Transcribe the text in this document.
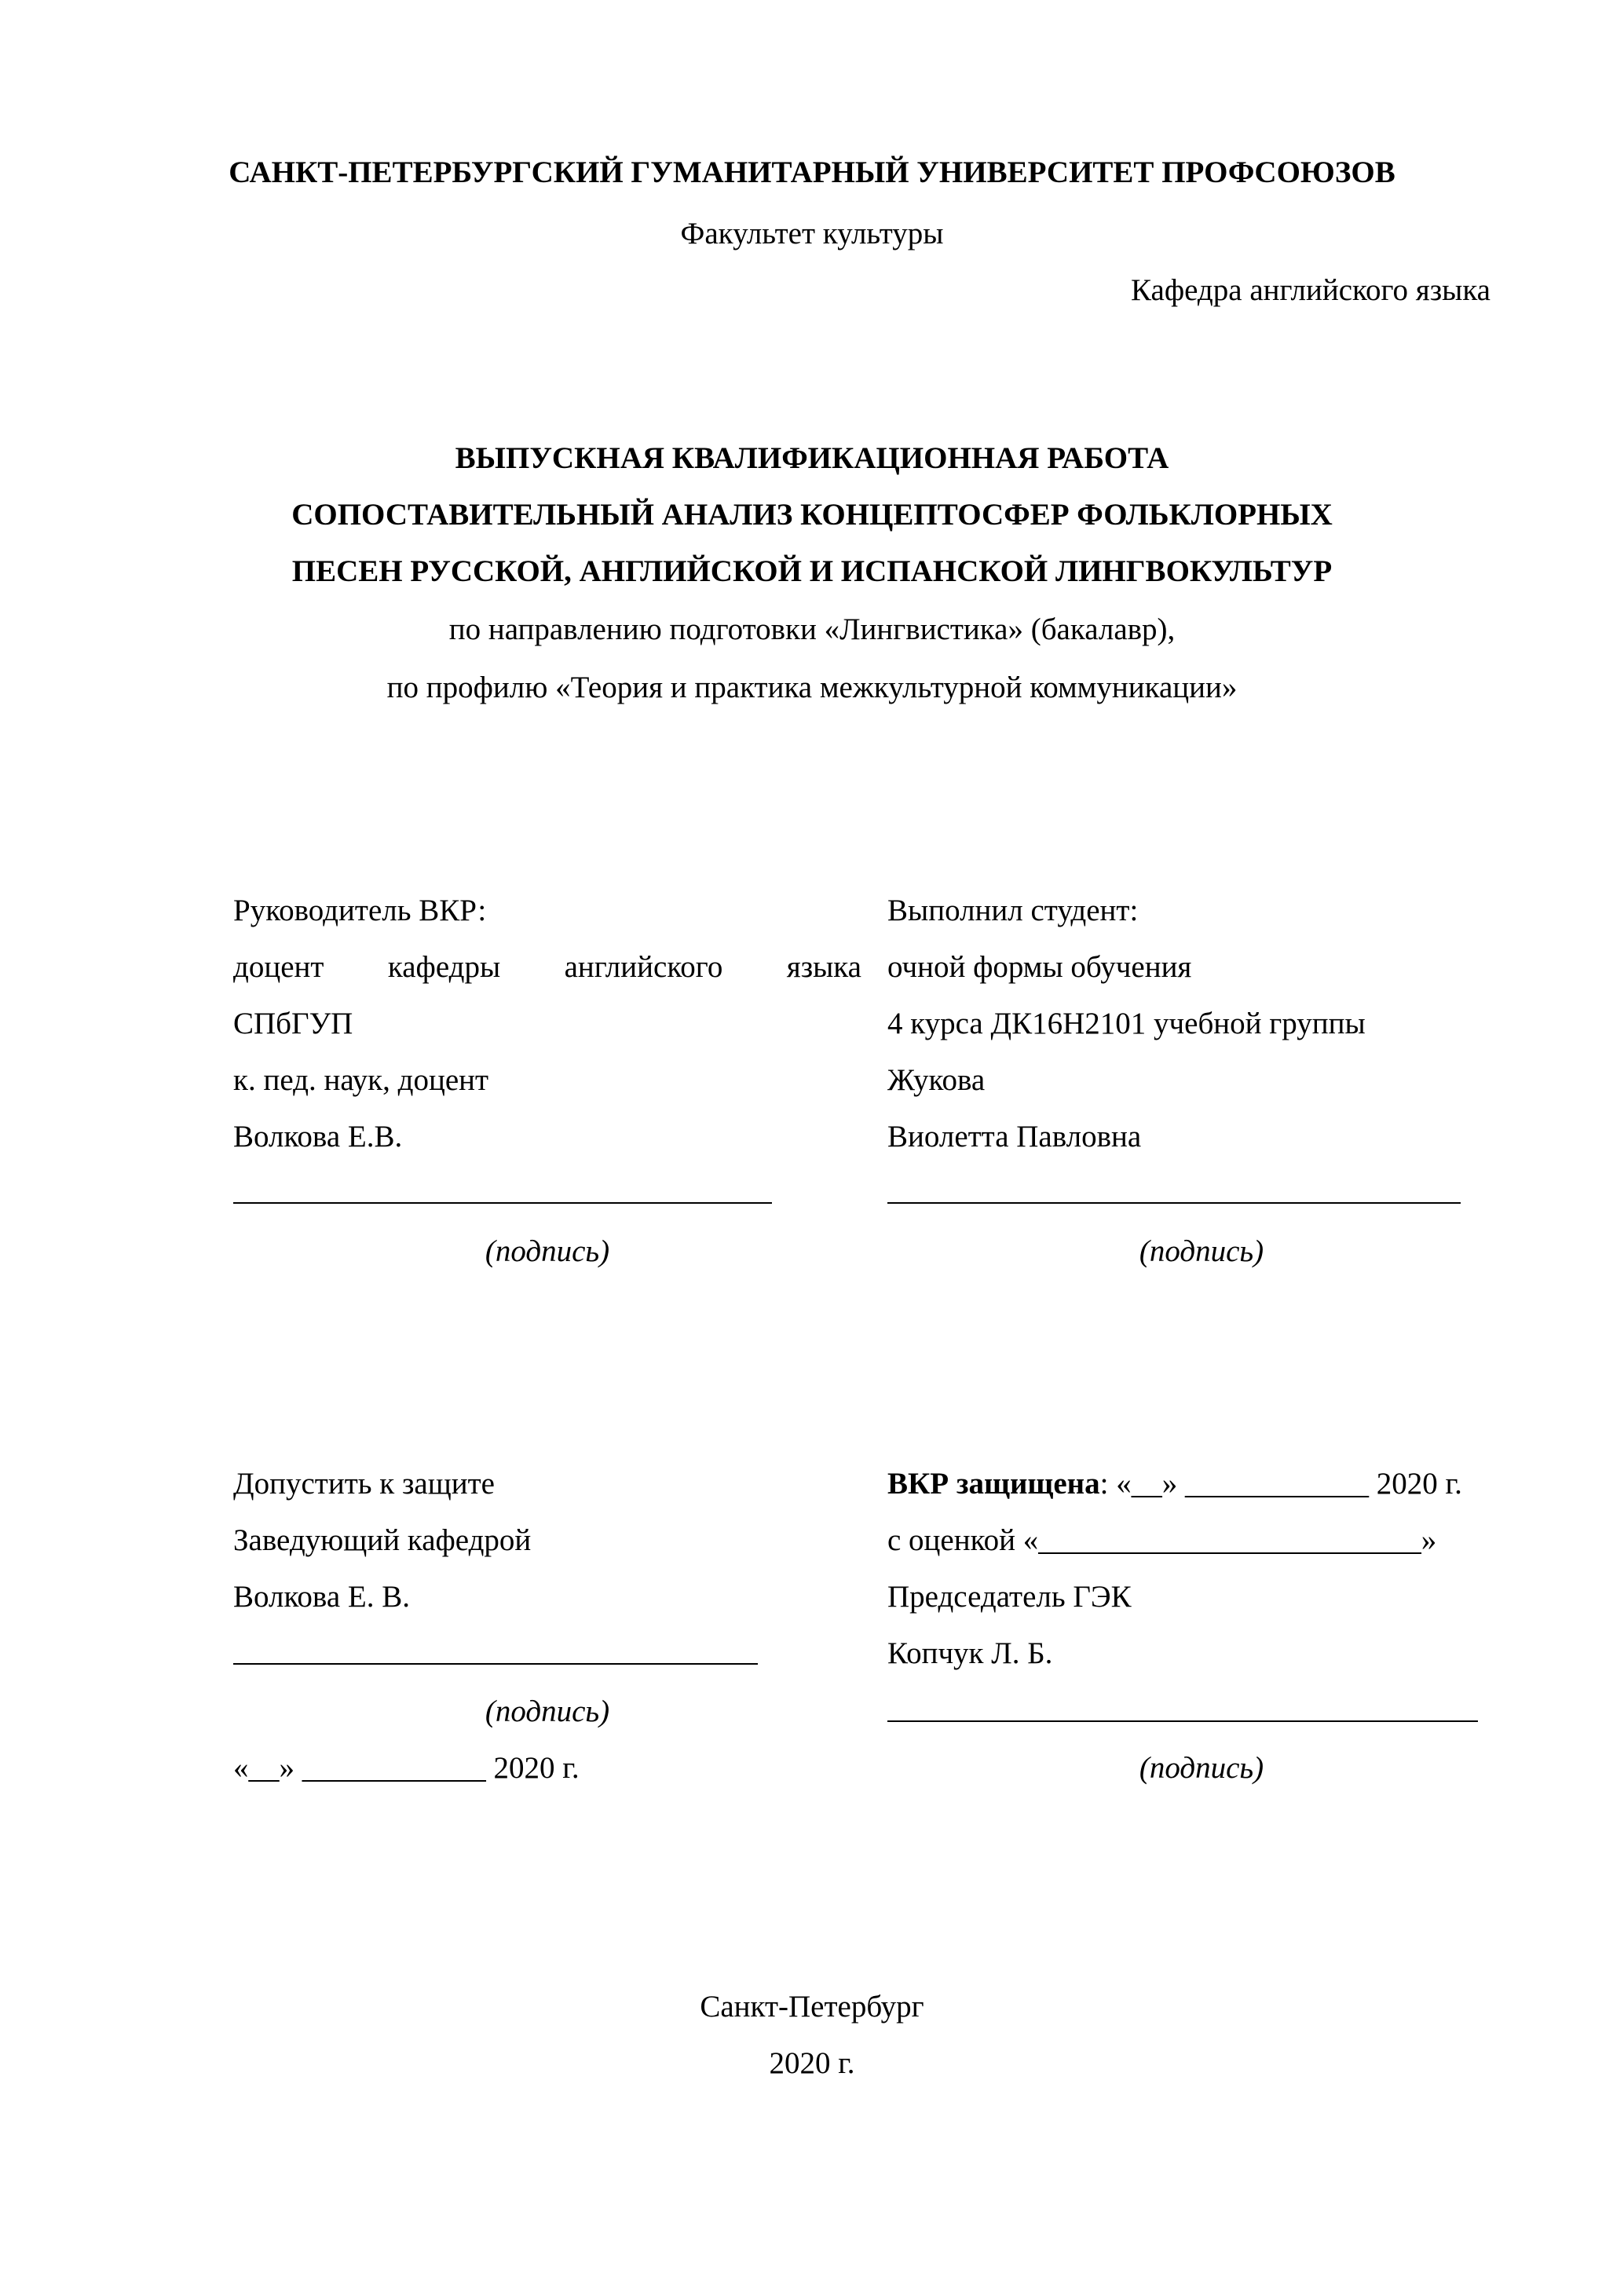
САНКТ-ПЕТЕРБУРГСКИЙ ГУМАНИТАРНЫЙ УНИВЕРСИТЕТ ПРОФСОЮЗОВ
Факультет культуры
Кафедра английского языка
ВЫПУСКНАЯ КВАЛИФИКАЦИОННАЯ РАБОТА
СОПОСТАВИТЕЛЬНЫЙ АНАЛИЗ КОНЦЕПТОСФЕР ФОЛЬКЛОРНЫХ
ПЕСЕН РУССКОЙ, АНГЛИЙСКОЙ И ИСПАНСКОЙ ЛИНГВОКУЛЬТУР
по направлению подготовки «Лингвистика» (бакалавр),
по профилю «Теория и практика межкультурной коммуникации»
Руководитель ВКР:
доцент кафедры английского языка
СПбГУП
к. пед. наук, доцент
Волкова Е.В.
(подпись)
Выполнил студент:
очной формы обучения
4 курса ДК16Н2101 учебной группы
Жукова
Виолетта Павловна
(подпись)
Допустить к защите
Заведующий кафедрой
Волкова Е. В.
(подпись)
«__» ____________ 2020 г.
ВКР защищена: «__» ____________ 2020 г.
с оценкой «_________________________»
Председатель ГЭК
Копчук Л. Б.
(подпись)
Санкт-Петербург
2020 г.
